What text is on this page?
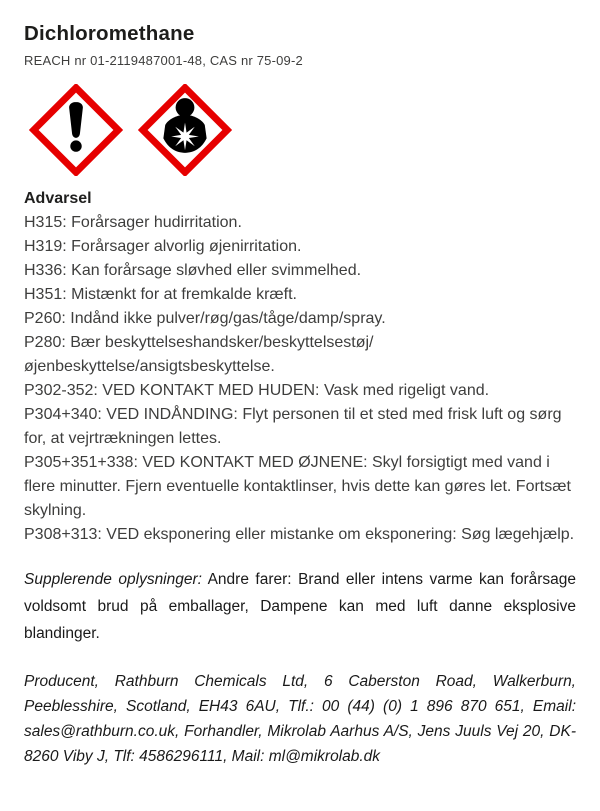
Dichloromethane
REACH nr 01-2119487001-48, CAS nr 75-09-2
Advarsel
H315: Forårsager hudirritation.
H319: Forårsager alvorlig øjenirritation.
H336: Kan forårsage sløvhed eller svimmelhed.
H351: Mistænkt for at fremkalde kræft.
P260: Indånd ikke pulver/røg/gas/tåge/damp/spray.
P280: Bær beskyttelseshandsker/beskyttelsestøj/​øjenbeskyttelse/ansigtsbeskyttelse.
P302-352: VED KONTAKT MED HUDEN: Vask med rigeligt vand.
P304+340: VED INDÅNDING: Flyt personen til et sted med frisk luft og sørg for, at vejrtrækningen lettes.
P305+351+338: VED KONTAKT MED ØJNENE: Skyl forsigtigt med vand i flere minutter. Fjern eventuelle kontaktlinser, hvis dette kan gøres let. Fortsæt skylning.
P308+313: VED eksponering eller mistanke om eksponering: Søg lægehjælp.

Supplerende oplysninger: Andre farer: Brand eller intens varme kan forårsage voldsomt brud på emballager, Dampene kan med luft danne eksplosive blandinger.

Producent, Rathburn Chemicals Ltd, 6 Caberston Road, Walkerburn, Peeblesshire, Scotland, EH43 6AU, Tlf.: 00 (44) (0) 1 896 870 651, Email: sales@rathburn.co.uk, Forhandler, Mikrolab Aarhus A/S, Jens Juuls Vej 20, DK-8260 Viby J, Tlf: 4586296111, Mail: ml@mikrolab.dk
